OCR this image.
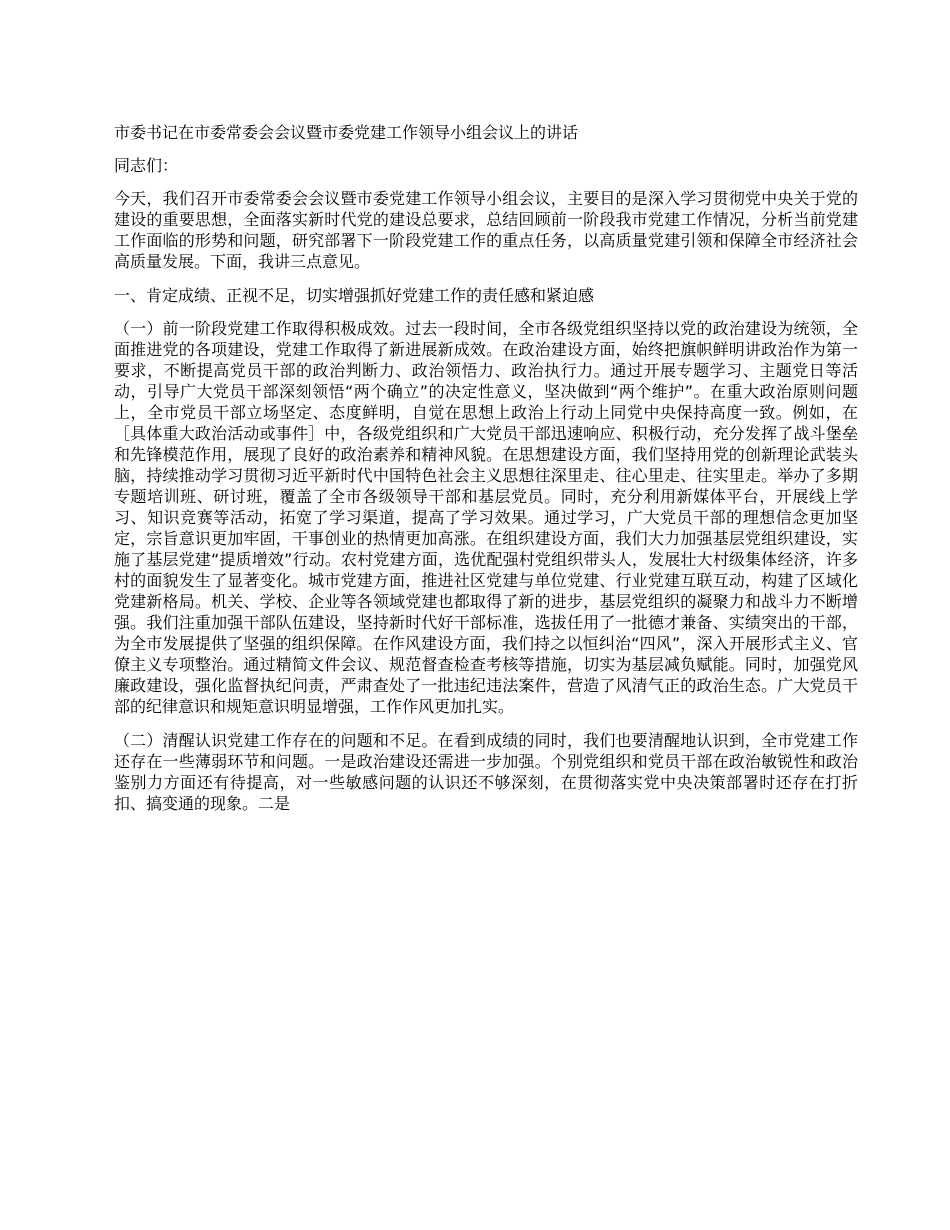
市委书记在市委常委会会议暨市委党建工作领导小组会议上的讲话

同志们：

今天，我们召开市委常委会会议暨市委党建工作领导小组会议，主要目的是深入学习贯彻党中央关于党的建设的重要思想，全面落实新时代党的建设总要求，总结回顾前一阶段我市党建工作情况，分析当前党建工作面临的形势和问题，研究部署下一阶段党建工作的重点任务，以高质量党建引领和保障全市经济社会高质量发展。下面，我讲三点意见。

一、肯定成绩、正视不足，切实增强抓好党建工作的责任感和紧迫感

（一）前一阶段党建工作取得积极成效。过去一段时间，全市各级党组织坚持以党的政治建设为统领，全面推进党的各项建设，党建工作取得了新进展新成效。在政治建设方面，始终把旗帜鲜明讲政治作为第一要求，不断提高党员干部的政治判断力、政治领悟力、政治执行力。通过开展专题学习、主题党日等活动，引导广大党员干部深刻领悟“两个确立”的决定性意义，坚决做到“两个维护”。在重大政治原则问题上，全市党员干部立场坚定、态度鲜明，自觉在思想上政治上行动上同党中央保持高度一致。例如，在［具体重大政治活动或事件］中，各级党组织和广大党员干部迅速响应、积极行动，充分发挥了战斗堡垒和先锋模范作用，展现了良好的政治素养和精神风貌。在思想建设方面，我们坚持用党的创新理论武装头脑，持续推动学习贯彻习近平新时代中国特色社会主义思想往深里走、往心里走、往实里走。举办了多期专题培训班、研讨班，覆盖了全市各级领导干部和基层党员。同时，充分利用新媒体平台，开展线上学习、知识竞赛等活动，拓宽了学习渠道，提高了学习效果。通过学习，广大党员干部的理想信念更加坚定，宗旨意识更加牢固，干事创业的热情更加高涨。在组织建设方面，我们大力加强基层党组织建设，实施了基层党建“提质增效”行动。农村党建方面，选优配强村党组织带头人，发展壮大村级集体经济，许多村的面貌发生了显著变化。城市党建方面，推进社区党建与单位党建、行业党建互联互动，构建了区域化党建新格局。机关、学校、企业等各领域党建也都取得了新的进步，基层党组织的凝聚力和战斗力不断增强。我们注重加强干部队伍建设，坚持新时代好干部标准，选拔任用了一批德才兼备、实绩突出的干部，为全市发展提供了坚强的组织保障。在作风建设方面，我们持之以恒纠治“四风”，深入开展形式主义、官僚主义专项整治。通过精简文件会议、规范督查检查考核等措施，切实为基层减负赋能。同时，加强党风廉政建设，强化监督执纪问责，严肃查处了一批违纪违法案件，营造了风清气正的政治生态。广大党员干部的纪律意识和规矩意识明显增强，工作作风更加扎实。

（二）清醒认识党建工作存在的问题和不足。在看到成绩的同时，我们也要清醒地认识到，全市党建工作还存在一些薄弱环节和问题。一是政治建设还需进一步加强。个别党组织和党员干部在政治敏锐性和政治鉴别力方面还有待提高，对一些敏感问题的认识还不够深刻，在贯彻落实党中央决策部署时还存在打折扣、搞变通的现象。二是
